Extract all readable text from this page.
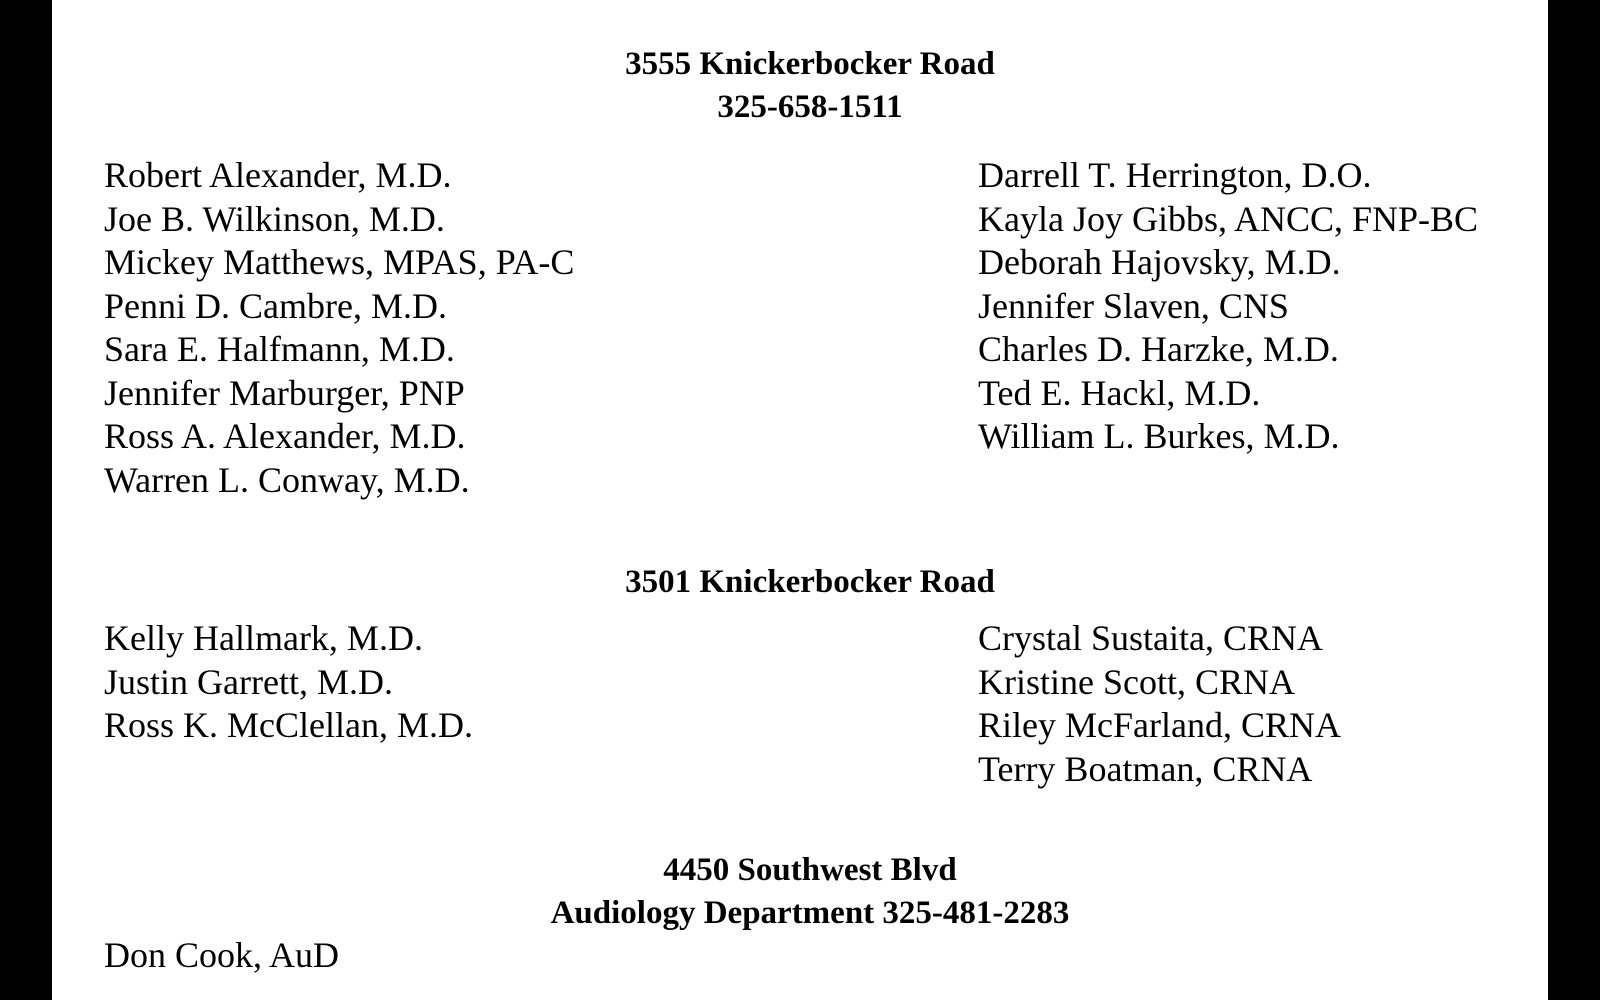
3555 Knickerbocker Road
325-658-1511
Robert Alexander, M.D.
Joe B. Wilkinson, M.D.
Mickey Matthews, MPAS, PA-C
Penni D. Cambre, M.D.
Sara E. Halfmann, M.D.
Jennifer Marburger, PNP
Ross A. Alexander, M.D.
Warren L. Conway, M.D.
Darrell T. Herrington, D.O.
Kayla Joy Gibbs, ANCC, FNP-BC
Deborah Hajovsky, M.D.
Jennifer Slaven, CNS
Charles D. Harzke, M.D.
Ted E. Hackl, M.D.
William L. Burkes, M.D.
3501 Knickerbocker Road
Kelly Hallmark, M.D.
Justin Garrett, M.D.
Ross K. McClellan, M.D.
Crystal Sustaita, CRNA
Kristine Scott, CRNA
Riley McFarland, CRNA
Terry Boatman, CRNA
4450 Southwest Blvd
Audiology Department 325-481-2283
Don Cook, AuD
